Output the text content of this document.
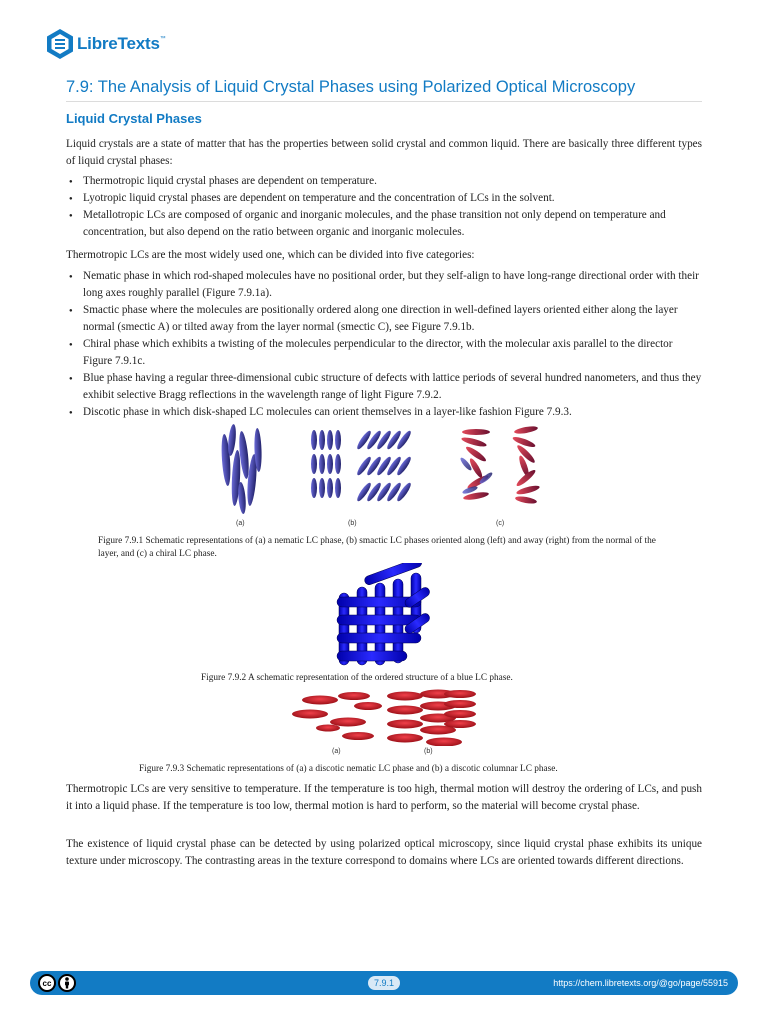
LibreTexts ™
7.9: The Analysis of Liquid Crystal Phases using Polarized Optical Microscopy
Liquid Crystal Phases

Liquid crystals are a state of matter that has the properties between solid crystal and common liquid. There are basically three different types of liquid crystal phases:

● Thermotropic liquid crystal phases are dependent on temperature.
● Lyotropic liquid crystal phases are dependent on temperature and the concentration of LCs in the solvent.
● Metallotropic LCs are composed of organic and inorganic molecules, and the phase transition not only depend on temperature and concentration, but also depend on the ratio between organic and inorganic molecules.

Thermotropic LCs are the most widely used one, which can be divided into five categories:

● Nematic phase in which rod-shaped molecules have no positional order, but they self-align to have long-range directional order with their long axes roughly parallel (Figure 7.9.1a).
● Smactic phase where the molecules are positionally ordered along one direction in well-defined layers oriented either along the layer normal (smectic A) or tilted away from the layer normal (smectic C), see Figure 7.9.1b.
● Chiral phase which exhibits a twisting of the molecules perpendicular to the director, with the molecular axis parallel to the director Figure 7.9.1c.
● Blue phase having a regular three-dimensional cubic structure of defects with lattice periods of several hundred nanometers, and thus they exhibit selective Bragg reflections in the wavelength range of light Figure 7.9.2.
● Discotic phase in which disk-shaped LC molecules can orient themselves in a layer-like fashion Figure 7.9.3.
(a)	(b)	(c)

Figure 7.9.1 Schematic representations of (a) a nematic LC phase, (b) smactic LC phases oriented along (left) and away (right) from the normal of the layer, and (c) a chiral LC phase.

Figure 7.9.2 A schematic representation of the ordered structure of a blue LC phase.

(a)	(b)

Figure 7.9.3 Schematic representations of (a) a discotic nematic LC phase and (b) a discotic columnar LC phase.

Thermotropic LCs are very sensitive to temperature. If the temperature is too high, thermal motion will destroy the ordering of LCs, and push it into a liquid phase. If the temperature is too low, thermal motion is hard to perform, so the material will become crystal phase.

The existence of liquid crystal phase can be detected by using polarized optical microscopy, since liquid crystal phase exhibits its unique texture under microscopy. The contrasting areas in the texture correspond to domains where LCs are oriented towards different directions.

cc	7.9.1	https://chem.libretexts.org/@go/page/55915
